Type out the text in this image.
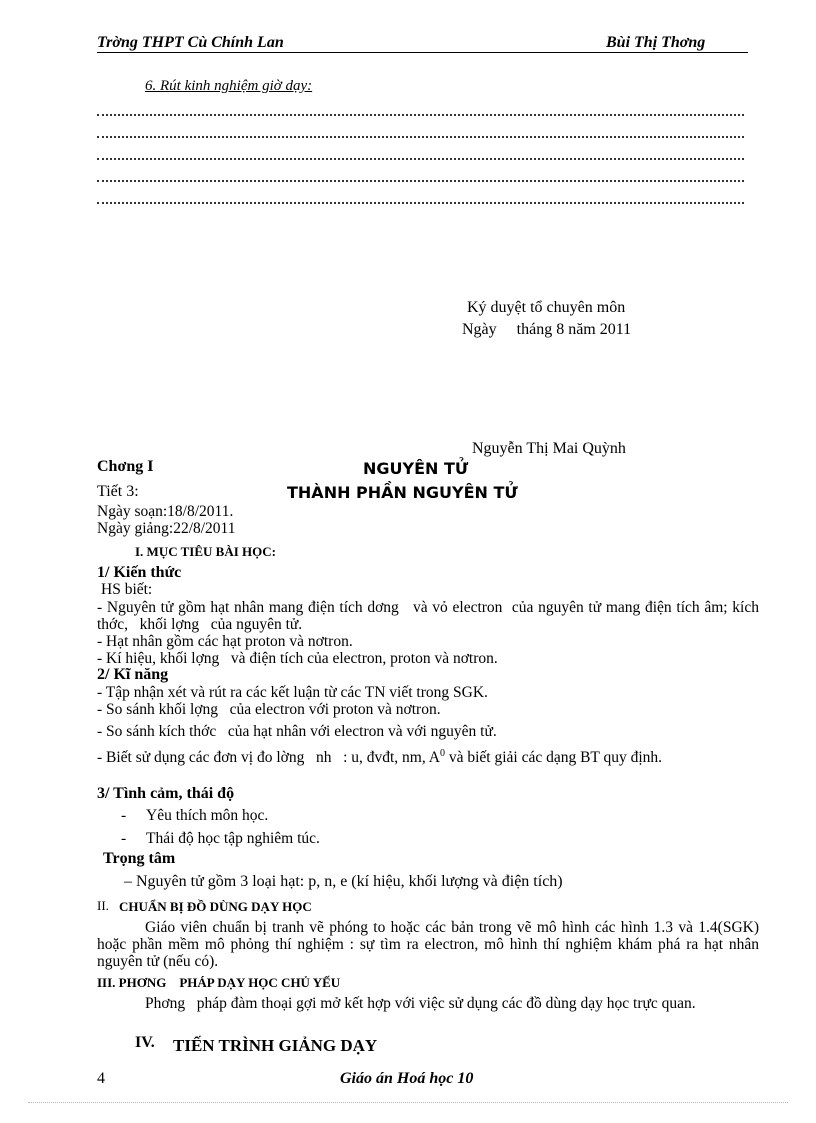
Trờng THPT Cù Chính Lan	Bùi Thị Thơng
6. Rút kinh nghiệm giờ dạy:
Ký duyệt tổ chuyên môn
Ngày     tháng 8 năm 2011
Nguyễn Thị Mai Quỳnh
Chơng I	NGUYÊN TỬ
Tiết 3:	THÀNH PHẦN NGUYÊN TỬ
Ngày soạn:18/8/2011.
Ngày giảng:22/8/2011
I. MỤC TIÊU BÀI HỌC:
1/ Kiến thức
HS biết:
- Nguyên tử gồm hạt nhân mang điện tích dơng   và vỏ electron  của nguyên tử mang điện tích âm; kích thớc,   khối lợng   của nguyên tử.
- Hạt nhân gồm các hạt proton và nơtron.
- Kí hiệu, khối lợng   và điện tích của electron, proton và nơtron.
2/ Kĩ năng
- Tập nhận xét và rút ra các kết luận từ các TN viết trong SGK.
- So sánh khối lợng   của electron với proton và nơtron.
- So sánh kích thớc   của hạt nhân với electron và với nguyên tử.
- Biết sử dụng các đơn vị đo lờng   nh   : u, đvđt, nm, $A^0$ và biết giải các dạng BT quy định.
3/ Tình cảm, thái độ
- Yêu thích môn học.
- Thái độ học tập nghiêm túc.
Trọng tâm
– Nguyên tử gồm 3 loại hạt: p, n, e (kí hiệu, khối lượng và điện tích)
II. CHUẨN BỊ ĐỒ DÙNG DẠY HỌC
Giáo viên chuẩn bị tranh vẽ phóng to hoặc các bản trong vẽ mô hình các hình 1.3 và 1.4(SGK) hoặc phần mềm mô phỏng thí nghiệm : sự tìm ra electron, mô hình thí nghiệm khám phá ra hạt nhân nguyên tử (nếu có).
III. PHƠNG    PHÁP DẠY HỌC CHỦ YẾU
Phơng   pháp đàm thoại gợi mở kết hợp với việc sử dụng các đồ dùng dạy học trực quan.
IV. TIẾN TRÌNH GIẢNG DẠY
4	Giáo án Hoá học 10
